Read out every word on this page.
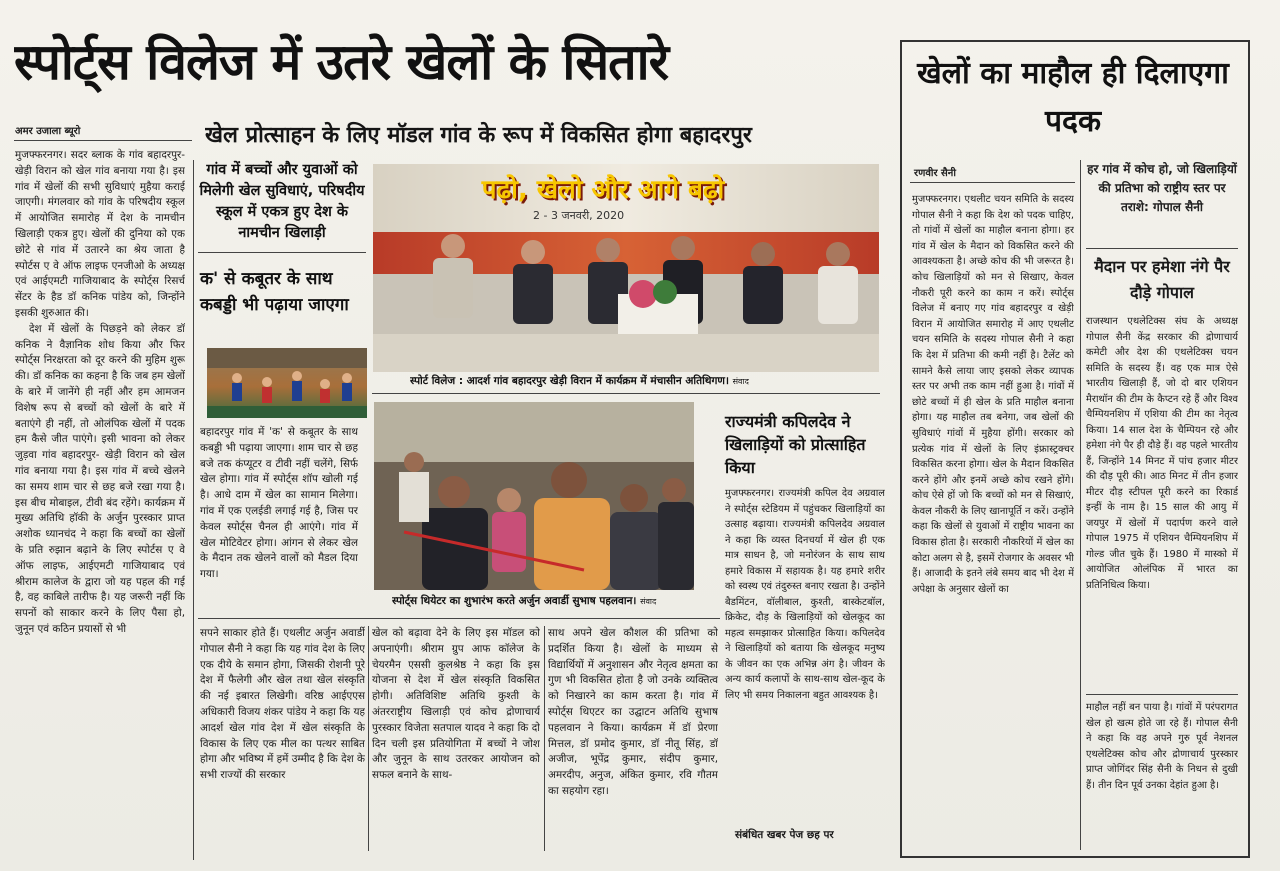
स्पोर्ट्स विलेज में उतरे खेलों के सितारे
अमर उजाला ब्यूरो	खेल प्रोत्साहन के लिए मॉडल गांव के रूप में विकसित होगा बहादरपुर

मुजफ्फरनगर। सदर ब्लाक के गांव बहादरपुर- खेड़ी विरान को खेल गांव बनाया गया है। इस गांव में खेलों की सभी सुविधाएं मुहैया कराई जाएगी। मंगलवार को गांव के परिषदीय स्कूल में आयोजित समारोह में देश के नामचीन खिलाड़ी एकत्र हुए। खेलों की दुनिया को एक छोटे से गांव में उतारने का श्रेय जाता है स्पोर्टस ए वे ऑफ लाइफ एनजीओ के अध्यक्ष एवं आईएमटी गाजियाबाद के स्पोर्ट्स रिसर्च सेंटर के हैड डॉ कनिक पांडेय को, जिन्होंने इसकी शुरुआत की।

देश में खेलों के पिछड़ने को लेकर डॉ कनिक ने वैज्ञानिक शोध किया और फिर स्पोर्ट्स निरक्षरता को दूर करने की मुहिम शुरू की। डॉ कनिक का कहना है कि जब हम खेलों के बारे में जानेंगे ही नहीं और हम आमजन विशेष रूप से बच्चों को खेलों के बारे में बताएंगे ही नहीं, तो ओलंपिक खेलों में पदक हम कैसे जीत पाएंगे। इसी भावना को लेकर जुड़वा गांव बहादरपुर- खेड़ी विरान को खेल गांव बनाया गया है। इस गांव में बच्चे खेलने का समय शाम चार से छह बजे रखा गया है। इस बीच मोबाइल, टीवी बंद रहेंगे। कार्यक्रम में मुख्य अतिथि हॉकी के अर्जुन पुरस्कार प्राप्त अशोक ध्यानचंद ने कहा कि बच्चों का खेलों के प्रति रुझान बढ़ाने के लिए स्पोर्टस ए वे ऑफ लाइफ, आईएमटी गाजियाबाद एवं श्रीराम कालेज के द्वारा जो यह पहल की गई है, वह काबिले तारीफ है। यह जरूरी नहीं कि सपनों को साकार करने के लिए पैसा हो, जुनून एवं कठिन प्रयासों से भी

गांव में बच्चों और युवाओं को मिलेगी खेल सुविधाएं, परिषदीय स्कूल में एकत्र हुए देश के नामचीन खिलाड़ी
क' से कबूतर के साथ कबड्डी भी पढ़ाया जाएगा
बहादरपुर गांव में 'क' से कबूतर के साथ कबड्डी भी पढ़ाया जाएगा। शाम चार से छह बजे तक कंप्यूटर व टीवी नहीं चलेंगे, सिर्फ खेल होगा। गांव में स्पोर्ट्स शॉप खोली गई है। आधे दाम में खेल का सामान मिलेगा। गांव में एक एलईडी लगाई गई है, जिस पर केवल स्पोर्ट्स चैनल ही आएंगे। गांव में खेल मोटिवेटर होगा। आंगन से लेकर खेल के मैदान तक खेलने वालों को मैडल दिया गया।
पढ़ो, खेलो और आगे बढ़ो
2 - 3 जनवरी, 2020
स्पोर्ट विलेज : आदर्श गांव बहादरपुर खेड़ी विरान में कार्यक्रम में मंचासीन अतिथिगण। संवाद
स्पोर्ट्स थियेटर का शुभारंभ करते अर्जुन अवार्डी सुभाष पहलवान। संवाद
राज्यमंत्री कपिलदेव ने खिलाड़ियों को प्रोत्साहित किया
मुजफ्फरनगर। राज्यमंत्री कपिल देव अग्रवाल ने स्पोर्ट्स स्टेडियम में पहुंचकर खिलाड़ियों का उत्साह बढ़ाया। राज्यमंत्री कपिलदेव अग्रवाल ने कहा कि व्यस्त दिनचर्या में खेल ही एक मात्र साधन है, जो मनोरंजन के साथ साथ हमारे विकास में सहायक है। यह हमारे शरीर को स्वस्थ एवं तंदुरुस्त बनाए रखता है। उन्होंने बैडमिंटन, वॉलीबाल, कुश्ती, बास्केटबॉल, क्रिकेट, दौड़ के खिलाड़ियों को खेलकूद का महत्व समझाकर प्रोत्साहित किया। कपिलदेव ने खिलाड़ियों को बताया कि खेलकूद मनुष्य के जीवन का एक अभिन्न अंग है। जीवन के अन्य कार्य कलापों के साथ-साथ खेल-कूद के लिए भी समय निकालना बहुत आवश्यक है।
संबंधित खबर पेज छह पर
सपने साकार होते हैं। एथलीट अर्जुन अवार्डी गोपाल सैनी ने कहा कि यह गांव देश के लिए एक दीये के समान होगा, जिसकी रोशनी पूरे देश में फैलेगी और खेल तथा खेल संस्कृति की नई इबारत लिखेगी। वरिष्ठ आईएएस अधिकारी विजय शंकर पांडेय ने कहा कि यह आदर्श खेल गांव देश में खेल संस्कृति के विकास के लिए एक मील का पत्थर साबित होगा और भविष्य में हमें उम्मीद है कि देश के सभी राज्यों की सरकार
खेल को बढ़ावा देने के लिए इस मॉडल को अपनाएंगी। श्रीराम ग्रुप आफ कॉलेज के चेयरमैन एससी कुलश्रेष्ठ ने कहा कि इस योजना से देश में खेल संस्कृति विकसित होगी। अतिविशिष्ट अतिथि कुश्ती के अंतरराष्ट्रीय खिलाड़ी एवं कोच द्रोणाचार्य पुरस्कार विजेता सतपाल यादव ने कहा कि दो दिन चली इस प्रतियोगिता में बच्चों ने जोश और जुनून के साथ उतरकर आयोजन को सफल बनाने के साथ-
साथ अपने खेल कौशल की प्रतिभा को प्रदर्शित किया है। खेलों के माध्यम से विद्यार्थियों में अनुशासन और नेतृत्व क्षमता का गुण भी विकसित होता है जो उनके व्यक्तित्व को निखारने का काम करता है। गांव में स्पोर्ट्स थिएटर का उद्घाटन अतिथि सुभाष पहलवान ने किया। कार्यक्रम में डॉ प्रेरणा मित्तल, डॉ प्रमोद कुमार, डॉ नीतू सिंह, डॉ अजीज, भूपेंद्र कुमार, संदीप कुमार, अमरदीप, अनुज, अंकित कुमार, रवि गौतम का सहयोग रहा।
खेलों का माहौल ही दिलाएगा पदक
रणवीर सैनी
मुजफ्फरनगर। एथलीट चयन समिति के सदस्य गोपाल सैनी ने कहा कि देश को पदक चाहिए, तो गांवों में खेलों का माहौल बनाना होगा। हर गांव में खेल के मैदान को विकसित करने की आवश्यकता है। अच्छे कोच की भी जरूरत है। कोच खिलाड़ियों को मन से सिखाए, केवल नौकरी पूरी करने का काम न करें। स्पोर्ट्स विलेज में बनाए गए गांव बहादरपुर व खेड़ी विरान में आयोजित समारोह में आए एथलीट चयन समिति के सदस्य गोपाल सैनी ने कहा कि देश में प्रतिभा की कमी नहीं है। टैलेंट को सामने कैसे लाया जाए इसको लेकर व्यापक स्तर पर अभी तक काम नहीं हुआ है। गांवों में छोटे बच्चों में ही खेल के प्रति माहौल बनाना होगा। यह माहौल तब बनेगा, जब खेलों की सुविधाएं गांवों में मुहैया होंगी। सरकार को प्रत्येक गांव में खेलों के लिए इंफ्रास्ट्रक्चर विकसित करना होगा। खेल के मैदान विकसित करने होंगे और इनमें अच्छे कोच रखने होंगे। कोच ऐसे हों जो कि बच्चों को मन से सिखाएं, केवल नौकरी के लिए खानापूर्ति न करें। उन्होंने कहा कि खेलों से युवाओं में राष्ट्रीय भावना का विकास होता है। सरकारी नौकरियों में खेल का कोटा अलग से है, इसमें रोजगार के अवसर भी हैं। आजादी के इतने लंबे समय बाद भी देश में अपेक्षा के अनुसार खेलों का
हर गांव में कोच हो, जो खिलाड़ियों की प्रतिभा को राष्ट्रीय स्तर पर तराशे: गोपाल सैनी
मैदान पर हमेशा नंगे पैर दौड़े गोपाल
राजस्थान एथलेटिक्स संघ के अध्यक्ष गोपाल सैनी केंद्र सरकार की द्रोणाचार्य कमेटी और देश की एथलेटिक्स चयन समिति के सदस्य हैं। वह एक मात्र ऐसे भारतीय खिलाड़ी हैं, जो दो बार एशियन मैराथॉन की टीम के कैप्टन रहे हैं और विश्व चैम्पियनशिप में एशिया की टीम का नेतृत्व किया। 14 साल देश के चैम्पियन रहे और हमेशा नंगे पैर ही दौड़े हैं। वह पहले भारतीय हैं, जिन्होंने 14 मिनट में पांच हजार मीटर की दौड़ पूरी की। आठ मिनट में तीन हजार मीटर दौड़ स्टीपल पूरी करने का रिकार्ड इन्हीं के नाम है। 15 साल की आयु में जयपुर में खेलों में पदार्पण करने वाले गोपाल 1975 में एशियन चैम्पियनशिप में गोल्ड जीत चुके हैं। 1980 में मास्को में आयोजित ओलंपिक में भारत का प्रतिनिधित्व किया।
माहौल नहीं बन पाया है। गांवों में परंपरागत खेल हो खत्म होते जा रहे हैं। गोपाल सैनी ने कहा कि वह अपने गुरु पूर्व नेशनल एथलेटिक्स कोच और द्रोणाचार्य पुरस्कार प्राप्त जोगिंदर सिंह सैनी के निधन से दुखी हैं। तीन दिन पूर्व उनका देहांत हुआ है।
